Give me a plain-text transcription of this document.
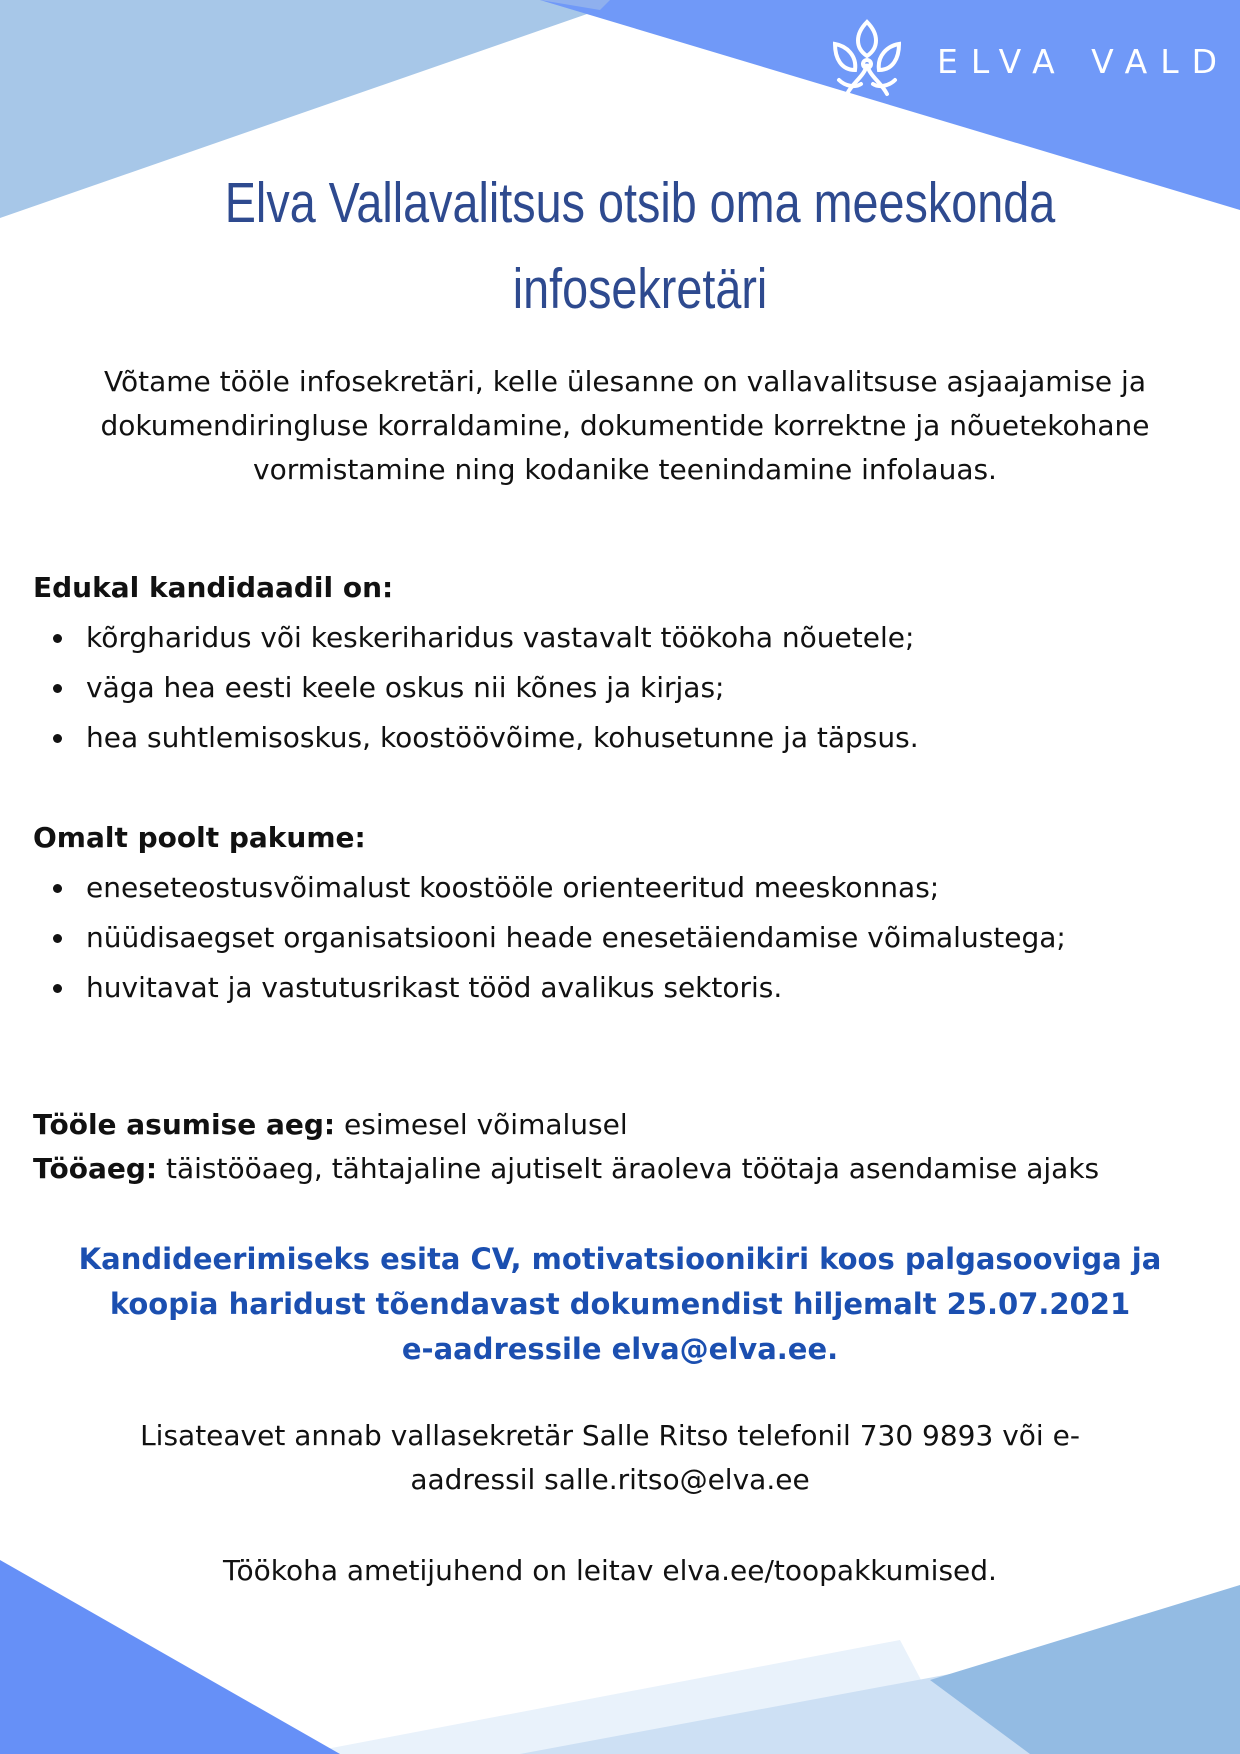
ELVA VALD
Elva Vallavalitsus otsib oma meeskonda
infosekretäri

Võtame tööle infosekretäri, kelle ülesanne on vallavalitsuse asjaajamise ja dokumendiringluse korraldamine, dokumentide korrektne ja nõuetekohane vormistamine ning kodanike teenindamine infolauas.

Edukal kandidaadil on:
kõrgharidus või keskeriharidus vastavalt töökoha nõuetele;
väga hea eesti keele oskus nii kõnes ja kirjas;
hea suhtlemisoskus, koostöövõime, kohusetunne ja täpsus.
Omalt poolt pakume:
eneseteostusvõimalust koostööle orienteeritud meeskonnas;
nüüdisaegset organisatsiooni heade enesetäiendamise võimalustega;
huvitavat ja vastutusrikast tööd avalikus sektoris.
Tööle asumise aeg: esimesel võimalusel
Tööaeg: täistööaeg, tähtajaline ajutiselt äraoleva töötaja asendamise ajaks
Kandideerimiseks esita CV, motivatsioonikiri koos palgasooviga ja
koopia haridust tõendavast dokumendist hiljemalt 25.07.2021
e-aadressile elva@elva.ee.
Lisateavet annab vallasekretär Salle Ritso telefonil 730 9893 või e-
aadressil salle.ritso@elva.ee
Töökoha ametijuhend on leitav elva.ee/toopakkumised.
